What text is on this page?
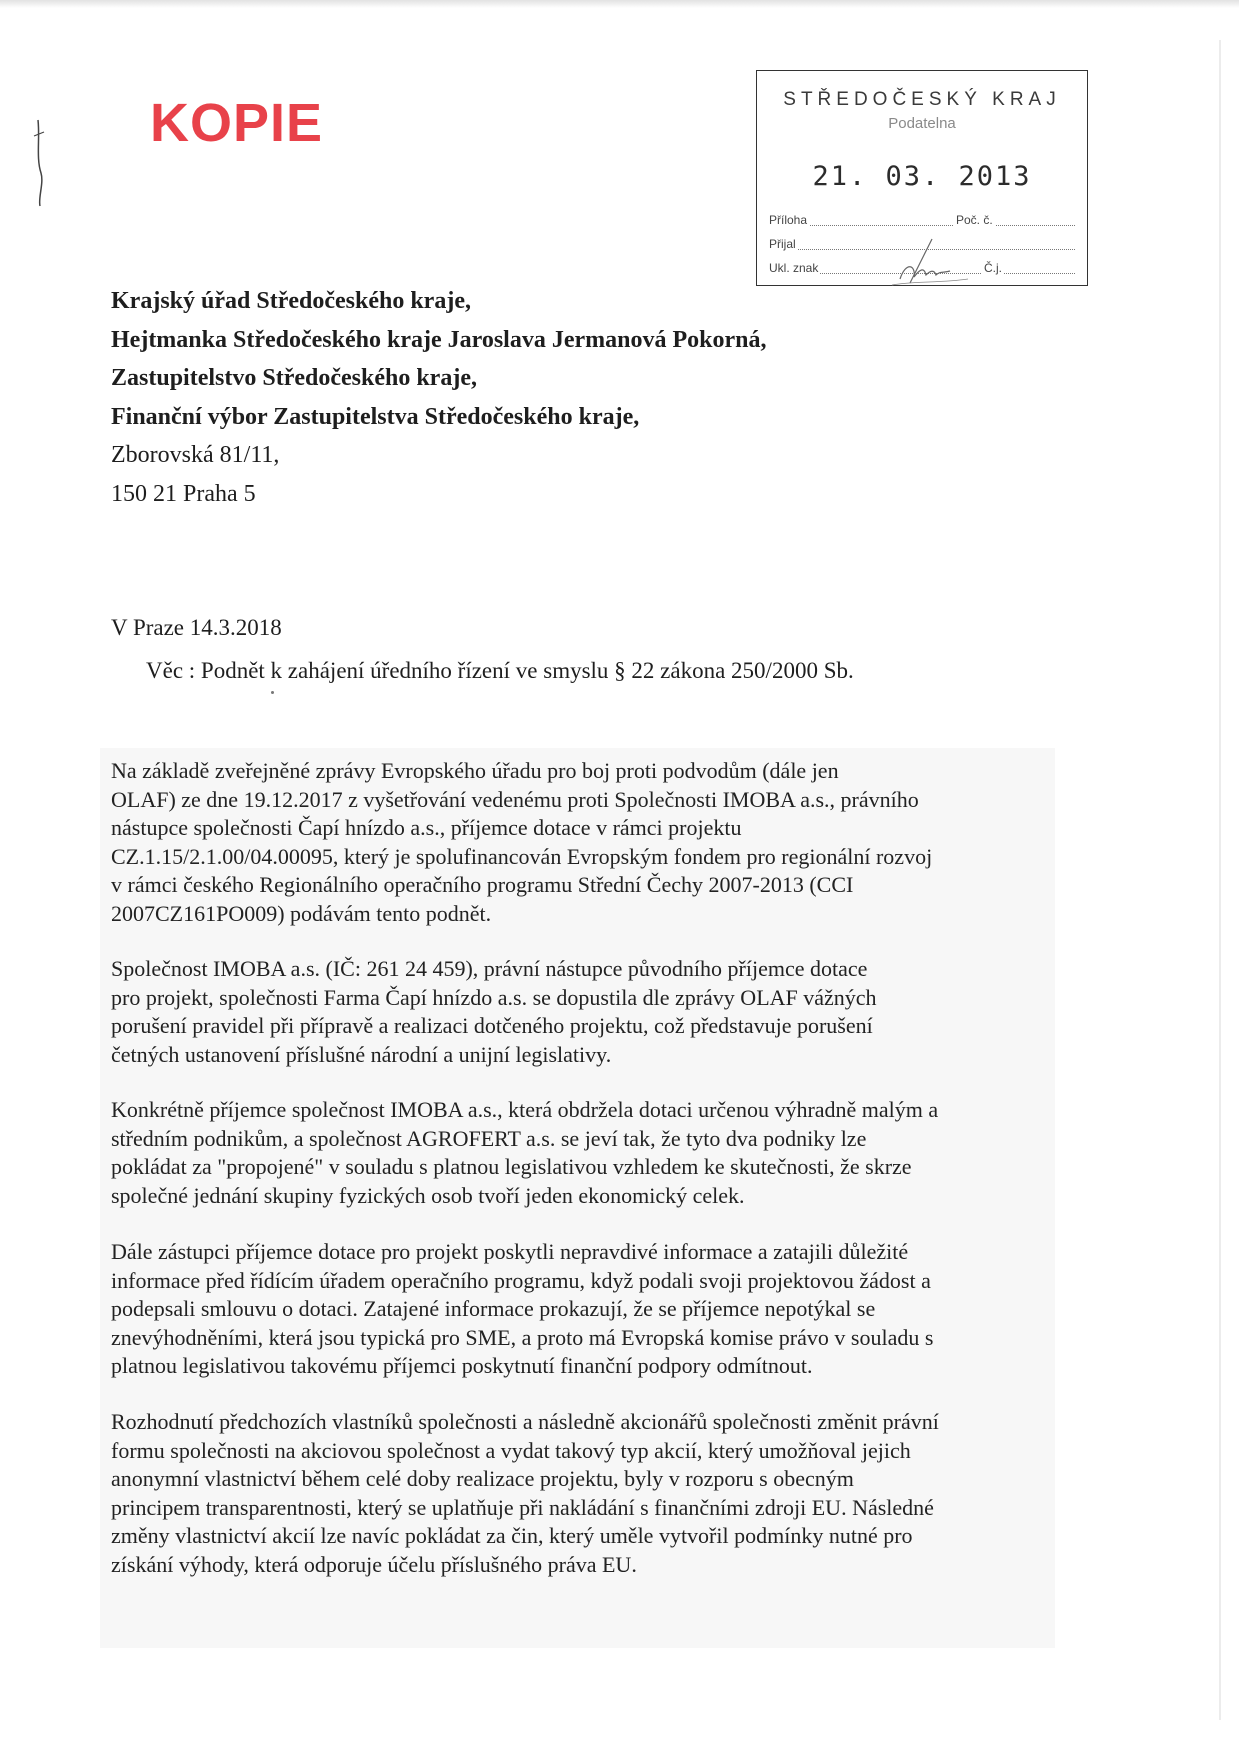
KOPIE	STŘEDOČESKÝ KRAJ
Podatelna
21. 03. 2013
Příloha	Poč. č.
Přijal
Ukl. znak	Č.j.
Krajský úřad Středočeského kraje,
Hejtmanka Středočeského kraje Jaroslava Jermanová Pokorná,
Zastupitelstvo Středočeského kraje,
Finanční výbor Zastupitelstva Středočeského kraje,
Zborovská 81/11,
150 21 Praha 5
V Praze 14.3.2018
Věc : Podnět k zahájení úředního řízení ve smyslu § 22 zákona 250/2000 Sb.
Na základě zveřejněné zprávy Evropského úřadu pro boj proti podvodům (dále jen
OLAF) ze dne 19.12.2017 z vyšetřování vedenému proti Společnosti IMOBA a.s., právního
nástupce společnosti Čapí hnízdo a.s., příjemce dotace v rámci projektu
CZ.1.15/2.1.00/04.00095, který je spolufinancován Evropským fondem pro regionální rozvoj
v rámci českého Regionálního operačního programu Střední Čechy 2007-2013 (CCI
2007CZ161PO009) podávám tento podnět.
Společnost IMOBA a.s. (IČ: 261 24 459), právní nástupce původního příjemce dotace
pro projekt, společnosti Farma Čapí hnízdo a.s. se dopustila dle zprávy OLAF vážných
porušení pravidel při přípravě a realizaci dotčeného projektu, což představuje porušení
četných ustanovení příslušné národní a unijní legislativy.
Konkrétně příjemce společnost IMOBA a.s., která obdržela dotaci určenou výhradně malým a
středním podnikům, a společnost AGROFERT a.s. se jeví tak, že tyto dva podniky lze
pokládat za "propojené" v souladu s platnou legislativou vzhledem ke skutečnosti, že skrze
společné jednání skupiny fyzických osob tvoří jeden ekonomický celek.
Dále zástupci příjemce dotace pro projekt poskytli nepravdivé informace a zatajili důležité
informace před řídícím úřadem operačního programu, když podali svoji projektovou žádost a
podepsali smlouvu o dotaci. Zatajené informace prokazují, že se příjemce nepotýkal se
znevýhodněními, která jsou typická pro SME, a proto má Evropská komise právo v souladu s
platnou legislativou takovému příjemci poskytnutí finanční podpory odmítnout.
Rozhodnutí předchozích vlastníků společnosti a následně akcionářů společnosti změnit právní
formu společnosti na akciovou společnost a vydat takový typ akcií, který umožňoval jejich
anonymní vlastnictví během celé doby realizace projektu, byly v rozporu s obecným
principem transparentnosti, který se uplatňuje při nakládání s finančními zdroji EU. Následné
změny vlastnictví akcií lze navíc pokládat za čin, který uměle vytvořil podmínky nutné pro
získání výhody, která odporuje účelu příslušného práva EU.
